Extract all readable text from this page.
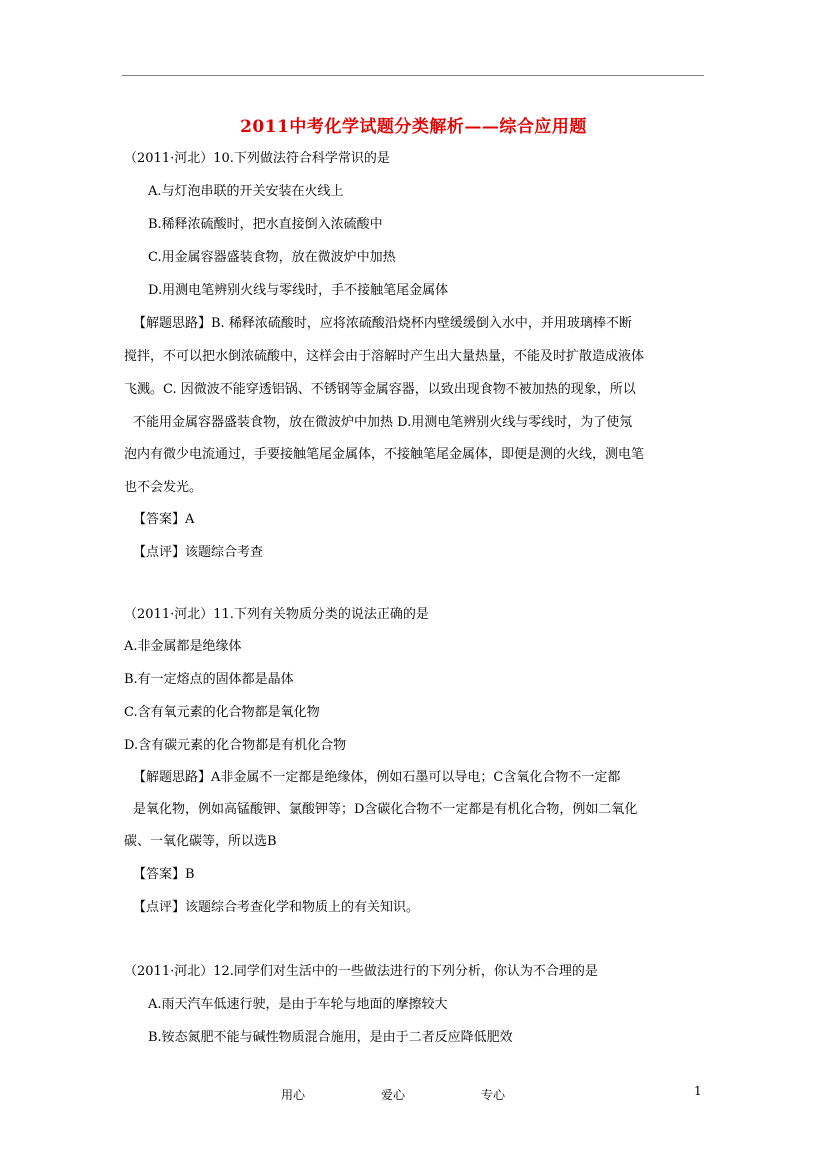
2011中考化学试题分类解析——综合应用题
（2011·河北）10.下列做法符合科学常识的是
A.与灯泡串联的开关安装在火线上
B.稀释浓硫酸时，把水直接倒入浓硫酸中
C.用金属容器盛装食物，放在微波炉中加热
D.用测电笔辨别火线与零线时，手不接触笔尾金属体
【解题思路】B. 稀释浓硫酸时，应将浓硫酸沿烧杯内壁缓缓倒入水中，并用玻璃棒不断
搅拌，不可以把水倒浓硫酸中，这样会由于溶解时产生出大量热量，不能及时扩散造成液体
飞溅。C. 因微波不能穿透铝锅、不锈钢等金属容器，以致出现食物不被加热的现象，所以
不能用金属容器盛装食物，放在微波炉中加热 D.用测电笔辨别火线与零线时，为了使氖
泡内有微少电流通过，手要接触笔尾金属体，不接触笔尾金属体，即便是测的火线，测电笔
也不会发光。
【答案】A
【点评】该题综合考查
（2011·河北）11.下列有关物质分类的说法正确的是
A.非金属都是绝缘体
B.有一定熔点的固体都是晶体
C.含有氧元素的化合物都是氧化物
D.含有碳元素的化合物都是有机化合物
【解题思路】A非金属不一定都是绝缘体，例如石墨可以导电；C含氧化合物不一定都
是氧化物，例如高锰酸钾、氯酸钾等；D含碳化合物不一定都是有机化合物，例如二氧化
碳、一氧化碳等，所以选B
【答案】B
【点评】该题综合考查化学和物质上的有关知识。
（2011·河北）12.同学们对生活中的一些做法进行的下列分析，你认为不合理的是
A.雨天汽车低速行驶，是由于车轮与地面的摩擦较大
B.铵态氮肥不能与碱性物质混合施用，是由于二者反应降低肥效
用心	爱心	专心	1
